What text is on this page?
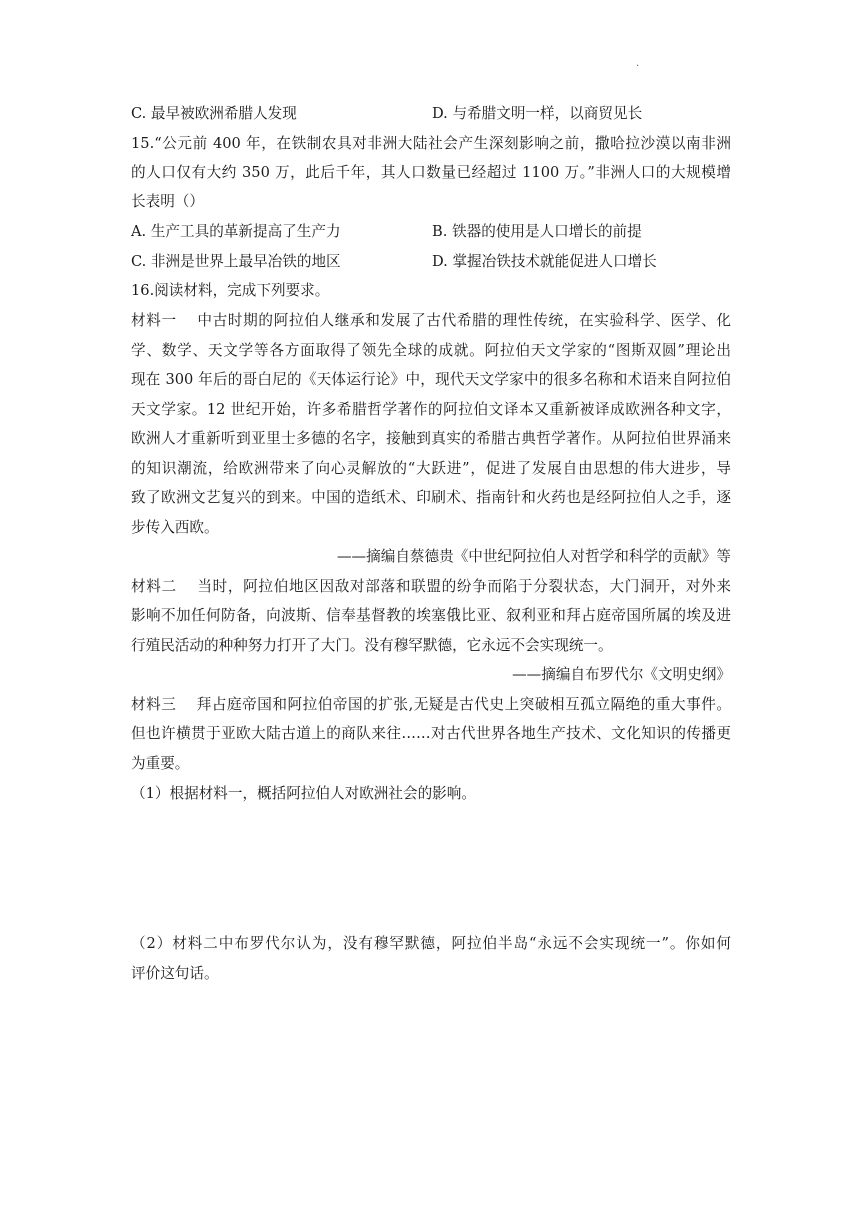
.
C. 最早被欧洲希腊人发现	D. 与希腊文明一样，以商贸见长
15.“公元前 400 年，在铁制农具对非洲大陆社会产生深刻影响之前，撒哈拉沙漠以南非洲
的人口仅有大约 350 万，此后千年，其人口数量已经超过 1100 万。”非洲人口的大规模增
长表明（）
A. 生产工具的革新提高了生产力	B. 铁器的使用是人口增长的前提
C. 非洲是世界上最早冶铁的地区	D. 掌握冶铁技术就能促进人口增长
16.阅读材料，完成下列要求。
材料一　 中古时期的阿拉伯人继承和发展了古代希腊的理性传统，在实验科学、医学、化
学、数学、天文学等各方面取得了领先全球的成就。阿拉伯天文学家的“图斯双圆”理论出
现在 300 年后的哥白尼的《天体运行论》中，现代天文学家中的很多名称和术语来自阿拉伯
天文学家。12 世纪开始，许多希腊哲学著作的阿拉伯文译本又重新被译成欧洲各种文字，
欧洲人才重新听到亚里士多德的名字，接触到真实的希腊古典哲学著作。从阿拉伯世界涌来
的知识潮流，给欧洲带来了向心灵解放的“大跃进”，促进了发展自由思想的伟大进步，导
致了欧洲文艺复兴的到来。中国的造纸术、印刷术、指南针和火药也是经阿拉伯人之手，逐
步传入西欧。
——摘编自蔡德贵《中世纪阿拉伯人对哲学和科学的贡献》等
材料二　 当时，阿拉伯地区因敌对部落和联盟的纷争而陷于分裂状态，大门洞开，对外来
影响不加任何防备，向波斯、信奉基督教的埃塞俄比亚、叙利亚和拜占庭帝国所属的埃及进
行殖民活动的种种努力打开了大门。没有穆罕默德，它永远不会实现统一。
——摘编自布罗代尔《文明史纲》
材料三　 拜占庭帝国和阿拉伯帝国的扩张,无疑是古代史上突破相互孤立隔绝的重大事件。
但也许横贯于亚欧大陆古道上的商队来往……对古代世界各地生产技术、文化知识的传播更
为重要。
（1）根据材料一，概括阿拉伯人对欧洲社会的影响。
（2）材料二中布罗代尔认为，没有穆罕默德，阿拉伯半岛“永远不会实现统一”。你如何
评价这句话。
